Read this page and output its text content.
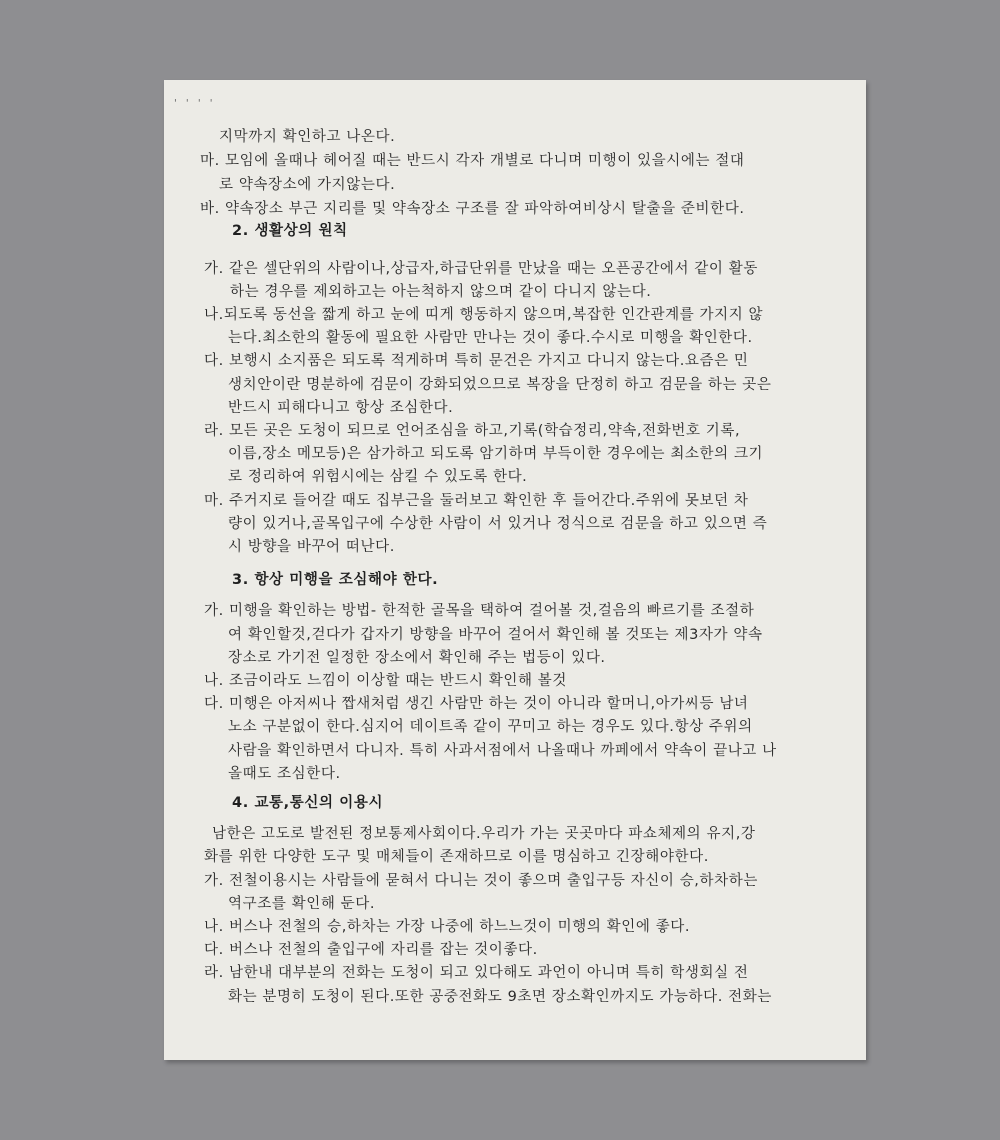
' ' ' '
지막까지 확인하고 나온다.
마. 모임에 올때나 헤어질 때는 반드시 각자 개별로 다니며 미행이 있을시에는 절대
로 약속장소에 가지않는다.
바. 약속장소 부근 지리를 및 약속장소 구조를 잘 파악하여비상시 탈출을 준비한다.
2. 생활상의 원칙
가. 같은 셀단위의 사람이나,상급자,하급단위를 만났을 때는 오픈공간에서 같이 활동
하는 경우를 제외하고는 아는척하지 않으며 같이 다니지 않는다.
나.되도록 동선을 짧게 하고 눈에 띠게 행동하지 않으며,복잡한 인간관계를 가지지 않
는다.최소한의 활동에 필요한 사람만 만나는 것이 좋다.수시로 미행을 확인한다.
다. 보행시 소지품은 되도록 적게하며 특히 문건은 가지고 다니지 않는다.요즘은 민
생치안이란 명분하에 검문이 강화되었으므로 복장을 단정히 하고 검문을 하는 곳은
반드시 피해다니고 항상 조심한다.
라. 모든 곳은 도청이 되므로 언어조심을 하고,기록(학습정리,약속,전화번호 기록,
이름,장소 메모등)은 삼가하고 되도록 암기하며 부득이한 경우에는 최소한의 크기
로 정리하여 위험시에는 삼킬 수 있도록 한다.
마. 주거지로 들어갈 때도 집부근을 둘러보고 확인한 후 들어간다.주위에 못보던 차
량이 있거나,골목입구에 수상한 사람이 서 있거나 정식으로 검문을 하고 있으면 즉
시 방향을 바꾸어 떠난다.
3. 항상 미행을 조심해야 한다.
가. 미행을 확인하는 방법- 한적한 골목을 택하여 걸어볼 것,걸음의 빠르기를 조절하
여 확인할것,걷다가 갑자기 방향을 바꾸어 걸어서 확인해 볼 것또는 제3자가 약속
장소로 가기전 일정한 장소에서 확인해 주는 법등이 있다.
나. 조금이라도 느낌이 이상할 때는 반드시 확인해 볼것
다. 미행은 아저씨나 짭새처럼 생긴 사람만 하는 것이 아니라 할머니,아가씨등 남녀
노소 구분없이 한다.심지어 데이트족 같이 꾸미고 하는 경우도 있다.항상 주위의
사람을 확인하면서 다니자. 특히 사과서점에서 나올때나 까페에서 약속이 끝나고 나
올때도 조심한다.
4. 교통,통신의 이용시
남한은 고도로 발전된 정보통제사회이다.우리가 가는 곳곳마다 파쇼체제의 유지,강
화를 위한 다양한 도구 및 매체들이 존재하므로 이를 명심하고 긴장해야한다.
가. 전철이용시는 사람들에 묻혀서 다니는 것이 좋으며 출입구등 자신이 승,하차하는
역구조를 확인해 둔다.
나. 버스나 전철의 승,하차는 가장 나중에 하느느것이 미행의 확인에 좋다.
다. 버스나 전철의 출입구에 자리를 잡는 것이좋다.
라. 남한내 대부분의 전화는 도청이 되고 있다해도 과언이 아니며 특히 학생회실 전
화는 분명히 도청이 된다.또한 공중전화도 9초면 장소확인까지도 가능하다. 전화는
